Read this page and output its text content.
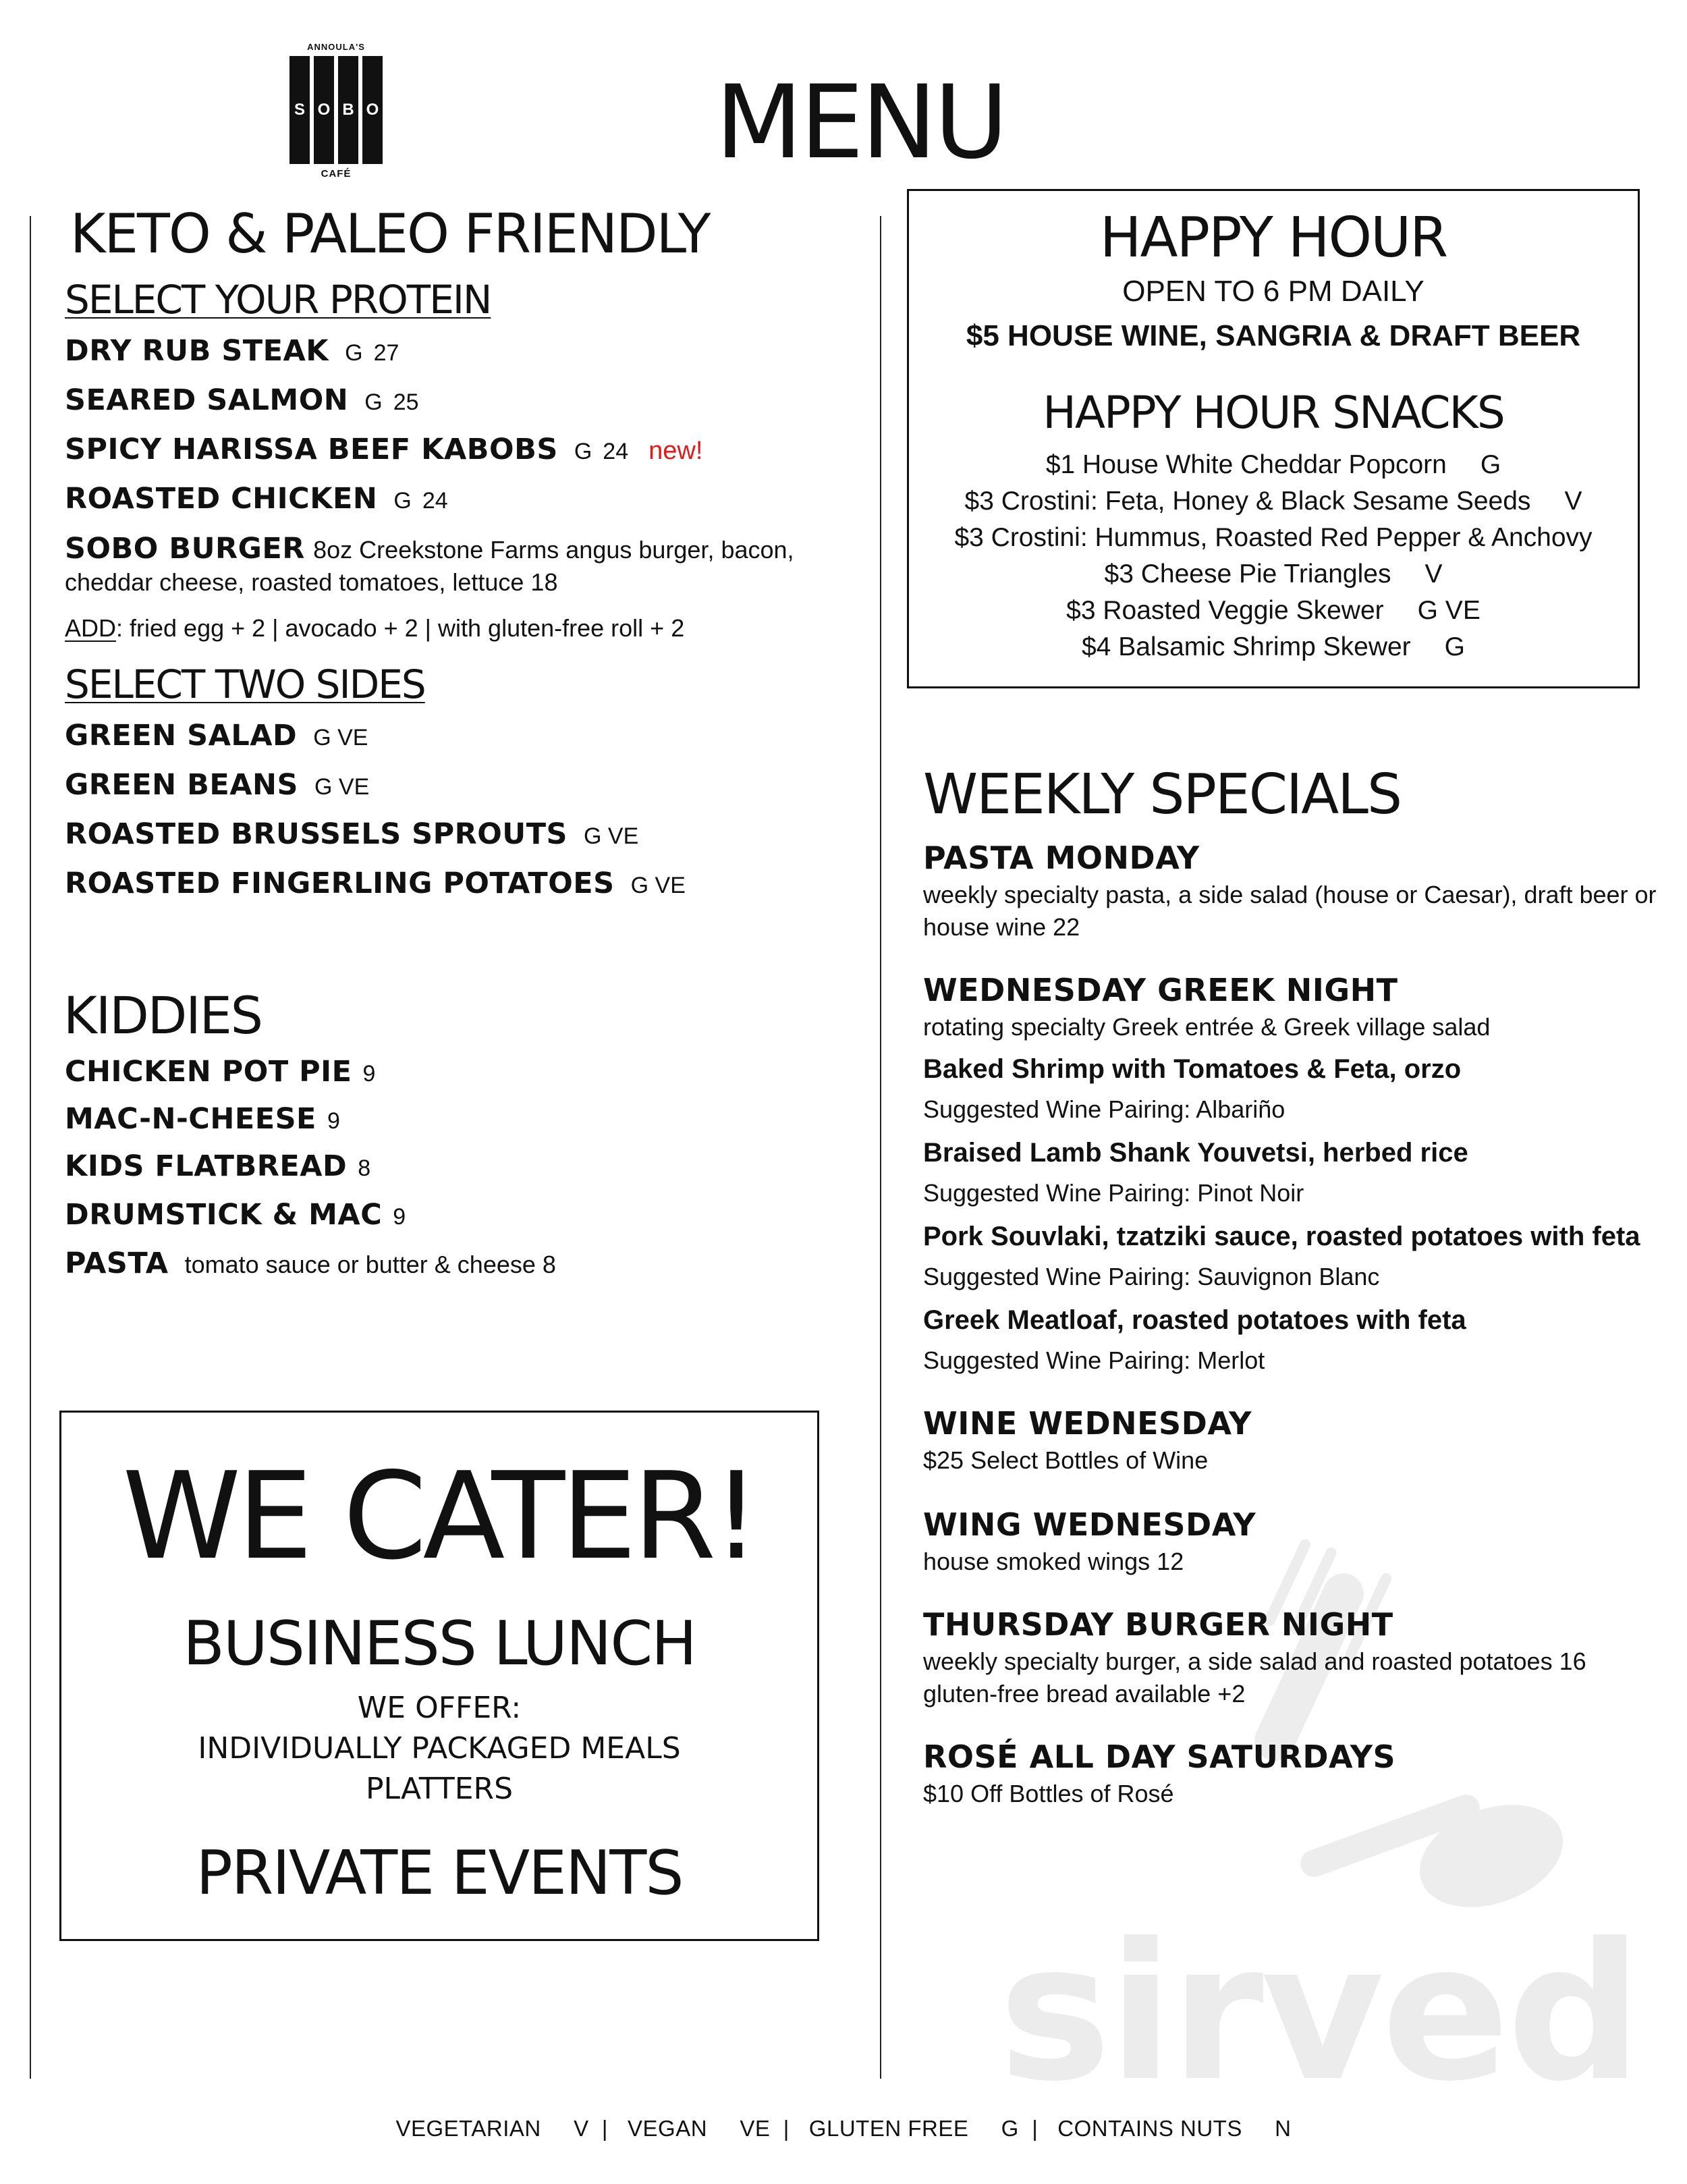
ANNOULA'S
S O B O
CAFÉ	MENU
KETO & PALEO FRIENDLY
SELECT YOUR PROTEIN
DRY RUB STEAK G 27
SEARED SALMON G 25
SPICY HARISSA BEEF KABOBS G 24 new!
ROASTED CHICKEN G 24
SOBO BURGER 8oz Creekstone Farms angus burger, bacon,
cheddar cheese, roasted tomatoes, lettuce 18
ADD: fried egg + 2 | avocado + 2 | with gluten-free roll + 2
SELECT TWO SIDES
GREEN SALAD G VE
GREEN BEANS G VE
ROASTED BRUSSELS SPROUTS G VE
ROASTED FINGERLING POTATOES G VE
KIDDIES
CHICKEN POT PIE 9
MAC-N-CHEESE 9
KIDS FLATBREAD 8
DRUMSTICK & MAC 9
PASTA tomato sauce or butter & cheese 8
WE CATER!
BUSINESS LUNCH
WE OFFER:
INDIVIDUALLY PACKAGED MEALS
PLATTERS
PRIVATE EVENTS
HAPPY HOUR
OPEN TO 6 PM DAILY
$5 HOUSE WINE, SANGRIA & DRAFT BEER
HAPPY HOUR SNACKS
$1 House White Cheddar Popcorn G
$3 Crostini: Feta, Honey & Black Sesame Seeds V
$3 Crostini: Hummus, Roasted Red Pepper & Anchovy
$3 Cheese Pie Triangles V
$3 Roasted Veggie Skewer G VE
$4 Balsamic Shrimp Skewer G
sirved
WEEKLY SPECIALS
PASTA MONDAY
weekly specialty pasta, a side salad (house or Caesar), draft beer or
house wine 22
WEDNESDAY GREEK NIGHT
rotating specialty Greek entrée & Greek village salad
Baked Shrimp with Tomatoes & Feta, orzo
Suggested Wine Pairing: Albariño
Braised Lamb Shank Youvetsi, herbed rice
Suggested Wine Pairing: Pinot Noir
Pork Souvlaki, tzatziki sauce, roasted potatoes with feta
Suggested Wine Pairing: Sauvignon Blanc
Greek Meatloaf, roasted potatoes with feta
Suggested Wine Pairing: Merlot
WINE WEDNESDAY
$25 Select Bottles of Wine
WING WEDNESDAY
house smoked wings 12
THURSDAY BURGER NIGHT
weekly specialty burger, a side salad and roasted potatoes 16
gluten-free bread available +2
ROSÉ ALL DAY SATURDAYS
$10 Off Bottles of Rosé
VEGETARIAN     V  |   VEGAN     VE  |   GLUTEN FREE     G  |   CONTAINS NUTS     N
